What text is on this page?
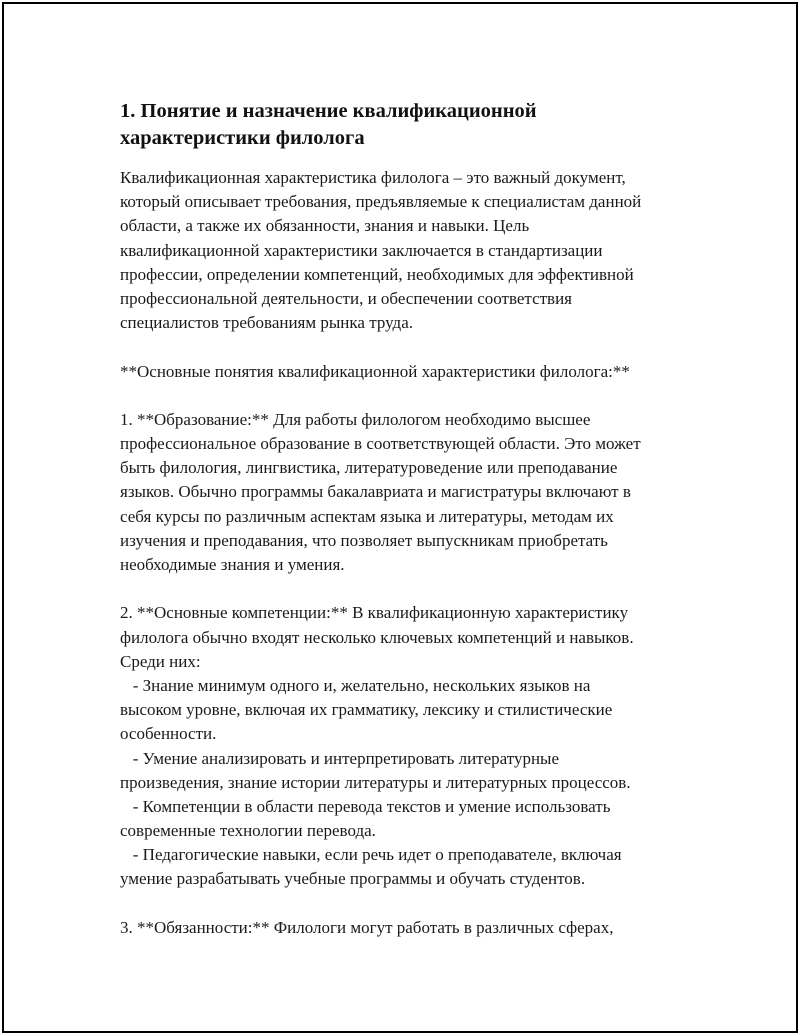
1. Понятие и назначение квалификационной
характеристики филолога
Квалификационная характеристика филолога – это важный документ,
который описывает требования, предъявляемые к специалистам данной
области, а также их обязанности, знания и навыки. Цель
квалификационной характеристики заключается в стандартизации
профессии, определении компетенций, необходимых для эффективной
профессиональной деятельности, и обеспечении соответствия
специалистов требованиям рынка труда.
**Основные понятия квалификационной характеристики филолога:**
1. **Образование:** Для работы филологом необходимо высшее
профессиональное образование в соответствующей области. Это может
быть филология, лингвистика, литературоведение или преподавание
языков. Обычно программы бакалавриата и магистратуры включают в
себя курсы по различным аспектам языка и литературы, методам их
изучения и преподавания, что позволяет выпускникам приобретать
необходимые знания и умения.
2. **Основные компетенции:** В квалификационную характеристику
филолога обычно входят несколько ключевых компетенций и навыков.
Среди них:
- Знание минимум одного и, желательно, нескольких языков на
высоком уровне, включая их грамматику, лексику и стилистические
особенности.
- Умение анализировать и интерпретировать литературные
произведения, знание истории литературы и литературных процессов.
- Компетенции в области перевода текстов и умение использовать
современные технологии перевода.
- Педагогические навыки, если речь идет о преподавателе, включая
умение разрабатывать учебные программы и обучать студентов.
3. **Обязанности:** Филологи могут работать в различных сферах,
